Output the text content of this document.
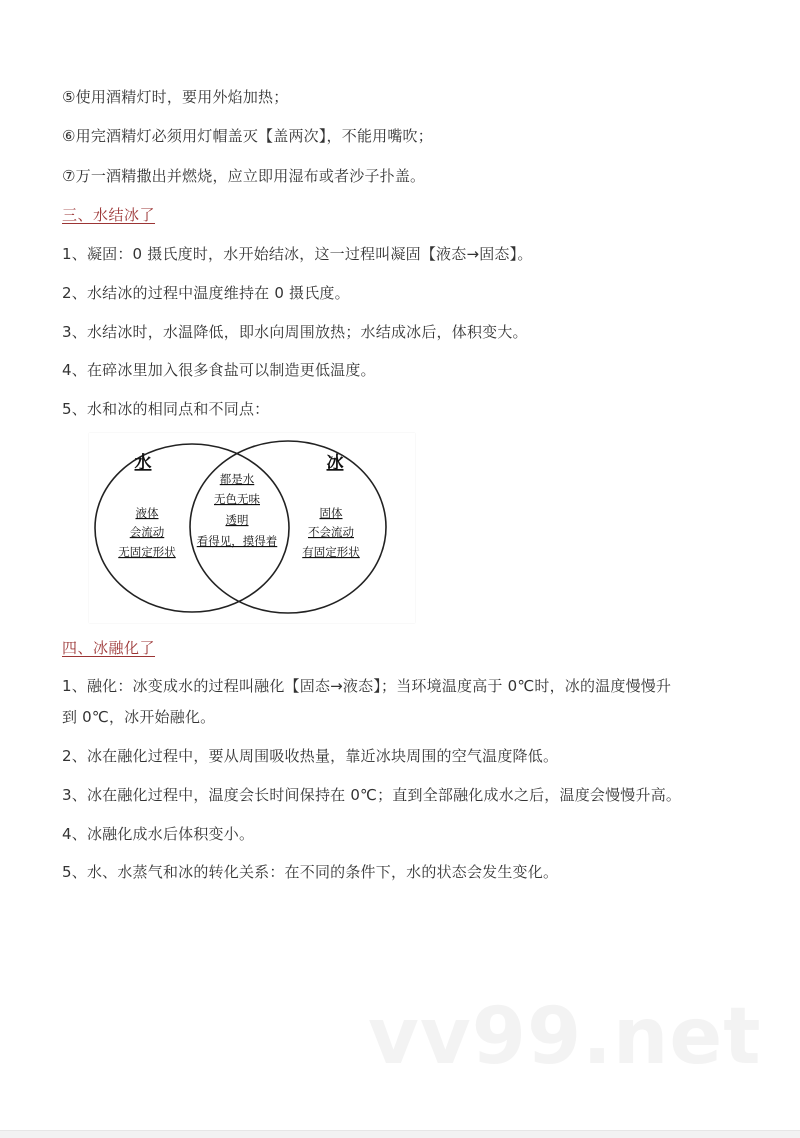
⑤使用酒精灯时，要用外焰加热；

⑥用完酒精灯必须用灯帽盖灭【盖两次】，不能用嘴吹；

⑦万一酒精撒出并燃烧，应立即用湿布或者沙子扑盖。

三、水结冰了

1、凝固：0 摄氏度时，水开始结冰，这一过程叫凝固【液态→固态】。

2、水结冰的过程中温度维持在 0 摄氏度。

3、水结冰时，水温降低，即水向周围放热；水结成冰后，体积变大。

4、在碎冰里加入很多食盐可以制造更低温度。

5、水和冰的相同点和不同点：

水
液体
会流动
无固定形状
都是水
无色无味
透明
看得见，摸得着
冰
固体
不会流动
有固定形状

四、冰融化了

1、融化：冰变成水的过程叫融化【固态→液态】；当环境温度高于 0℃时，冰的温度慢慢升

到 0℃，冰开始融化。

2、冰在融化过程中，要从周围吸收热量，靠近冰块周围的空气温度降低。

3、冰在融化过程中，温度会长时间保持在 0℃；直到全部融化成水之后，温度会慢慢升高。

4、冰融化成水后体积变小。

5、水、水蒸气和冰的转化关系：在不同的条件下，水的状态会发生变化。

vv99.net
